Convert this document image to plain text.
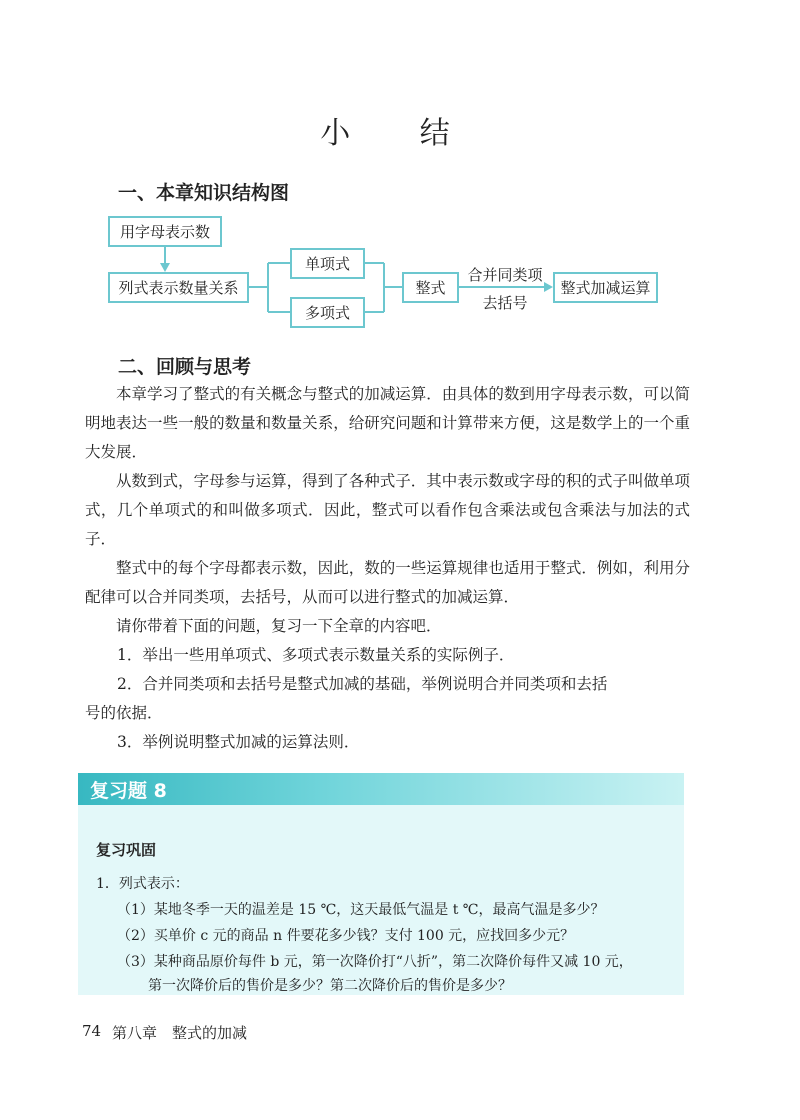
小 结
一、本章知识结构图
用字母表示数
列式表示数量关系
单项式
多项式
整式
合并同类项
去括号
整式加减运算
二、回顾与思考
本章学习了整式的有关概念与整式的加减运算．由具体的数到用字母表示数，可以简明地表达一些一般的数量和数量关系，给研究问题和计算带来方便，这是数学上的一个重大发展．
从数到式，字母参与运算，得到了各种式子．其中表示数或字母的积的式子叫做单项式，几个单项式的和叫做多项式．因此，整式可以看作包含乘法或包含乘法与加法的式子．
整式中的每个字母都表示数，因此，数的一些运算规律也适用于整式．例如，利用分配律可以合并同类项，去括号，从而可以进行整式的加减运算．
请你带着下面的问题，复习一下全章的内容吧．
1．举出一些用单项式、多项式表示数量关系的实际例子．
2．合并同类项和去括号是整式加减的基础，举例说明合并同类项和去括
号的依据．
3．举例说明整式加减的运算法则．
复习题 8
复习巩固
1．列式表示：
（1）某地冬季一天的温差是 15 ℃，这天最低气温是 t ℃，最高气温是多少？
（2）买单价 c 元的商品 n 件要花多少钱？支付 100 元，应找回多少元？
（3）某种商品原价每件 b 元，第一次降价打“八折”，第二次降价每件又减 10 元，
第一次降价后的售价是多少？第二次降价后的售价是多少？
74 第八章　整式的加减
